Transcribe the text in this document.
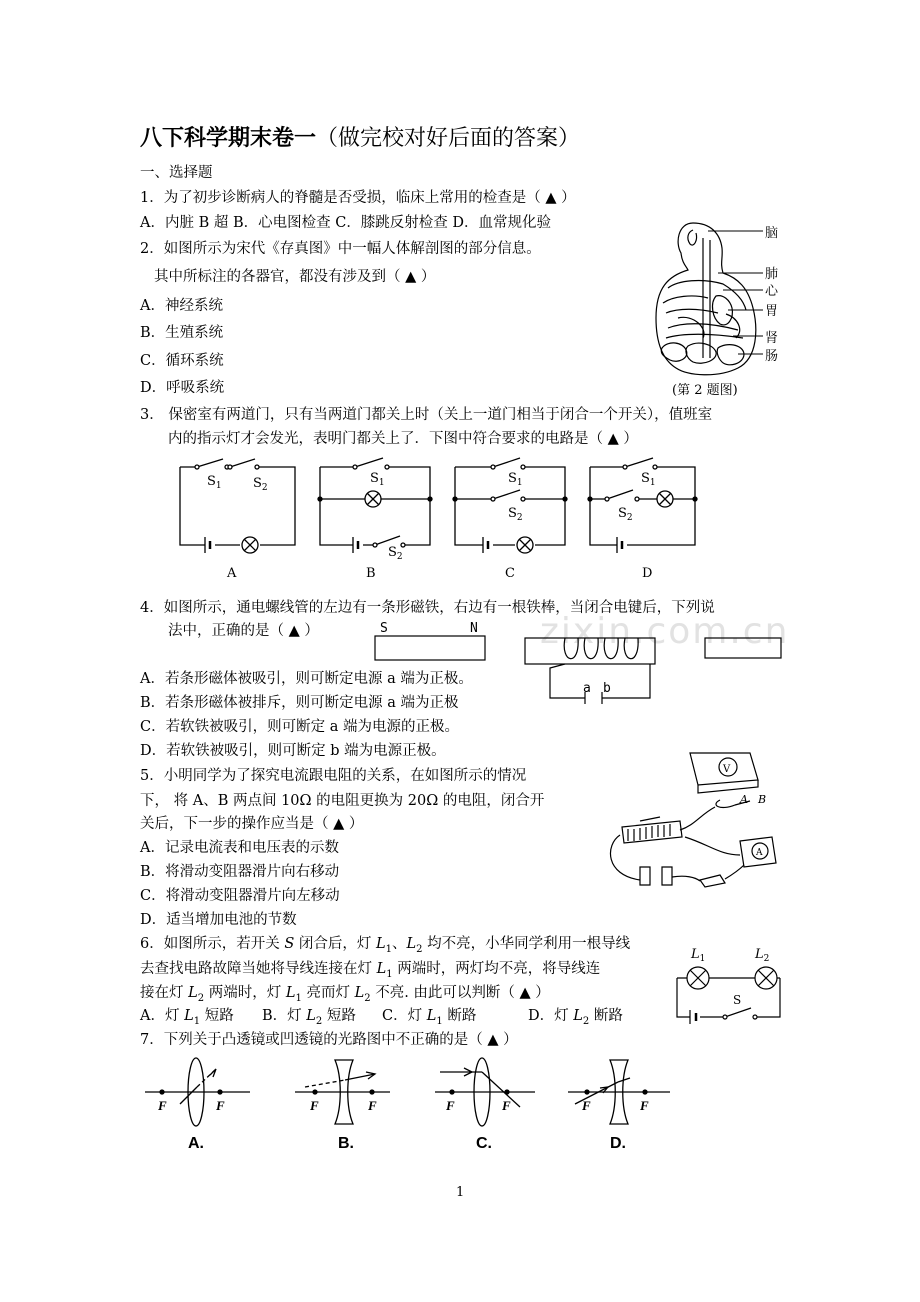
八下科学期末卷一（做完校对好后面的答案）
一、选择题
1．为了初步诊断病人的脊髓是否受损，临床上常用的检查是（ ▲ ）
A．内脏 B 超 B．心电图检查 C．膝跳反射检查 D．血常规化验
2．如图所示为宋代《存真图》中一幅人体解剖图的部分信息。
其中所标注的各器官，都没有涉及到（ ▲ ）
A．神经系统
B．生殖系统
C．循环系统
D．呼吸系统
脑
肺
心
胃
肾
肠
(第 2 题图)
3． 保密室有两道门，只有当两道门都关上时（关上一道门相当于闭合一个开关），值班室
内的指示灯才会发光，表明门都关上了．下图中符合要求的电路是（ ▲ ）
$S_1$ $S_2$
$S_1$
$S_2$
$S_1$
$S_2$
$S_1$
$S_2$
A	B	C	D
4．如图所示，通电螺线管的左边有一条形磁铁，右边有一根铁棒，当闭合电键后，下列说
法中，正确的是（ ▲ ）	zixin.com.cn
S	N
a b
A．若条形磁体被吸引，则可断定电源 a 端为正极。
B．若条形磁体被排斥，则可断定电源 a 端为正极
C．若软铁被吸引，则可断定 a 端为电源的正极。
D．若软铁被吸引，则可断定 b 端为电源正极。
5．小明同学为了探究电流跟电阻的关系，在如图所示的情况
下， 将 A、B 两点间 10Ω 的电阻更换为 20Ω 的电阻，闭合开
关后，下一步的操作应当是（ ▲ ）
A．记录电流表和电压表的示数
B．将滑动变阻器滑片向右移动
C．将滑动变阻器滑片向左移动
D．适当增加电池的节数
V
A
A B
6．如图所示，若开关 S 闭合后，灯 $L_1$、$L_2$ 均不亮，小华同学利用一根导线
去查找电路故障当她将导线连接在灯 $L_1$ 两端时，两灯均不亮，将导线连
接在灯 $L_2$ 两端时，灯 $L_1$ 亮而灯 $L_2$ 不亮. 由此可以判断（ ▲ ）
A．灯 $L_1$ 短路 B．灯 $L_2$ 短路 C．灯 $L_1$ 断路	D．灯 $L_2$ 断路
$L_1$	$L_2$
S
7．下列关于凸透镜或凹透镜的光路图中不正确的是（ ▲ ）
F	F	F	F	F	F	F	F
A.	B.	C.	D.
1
